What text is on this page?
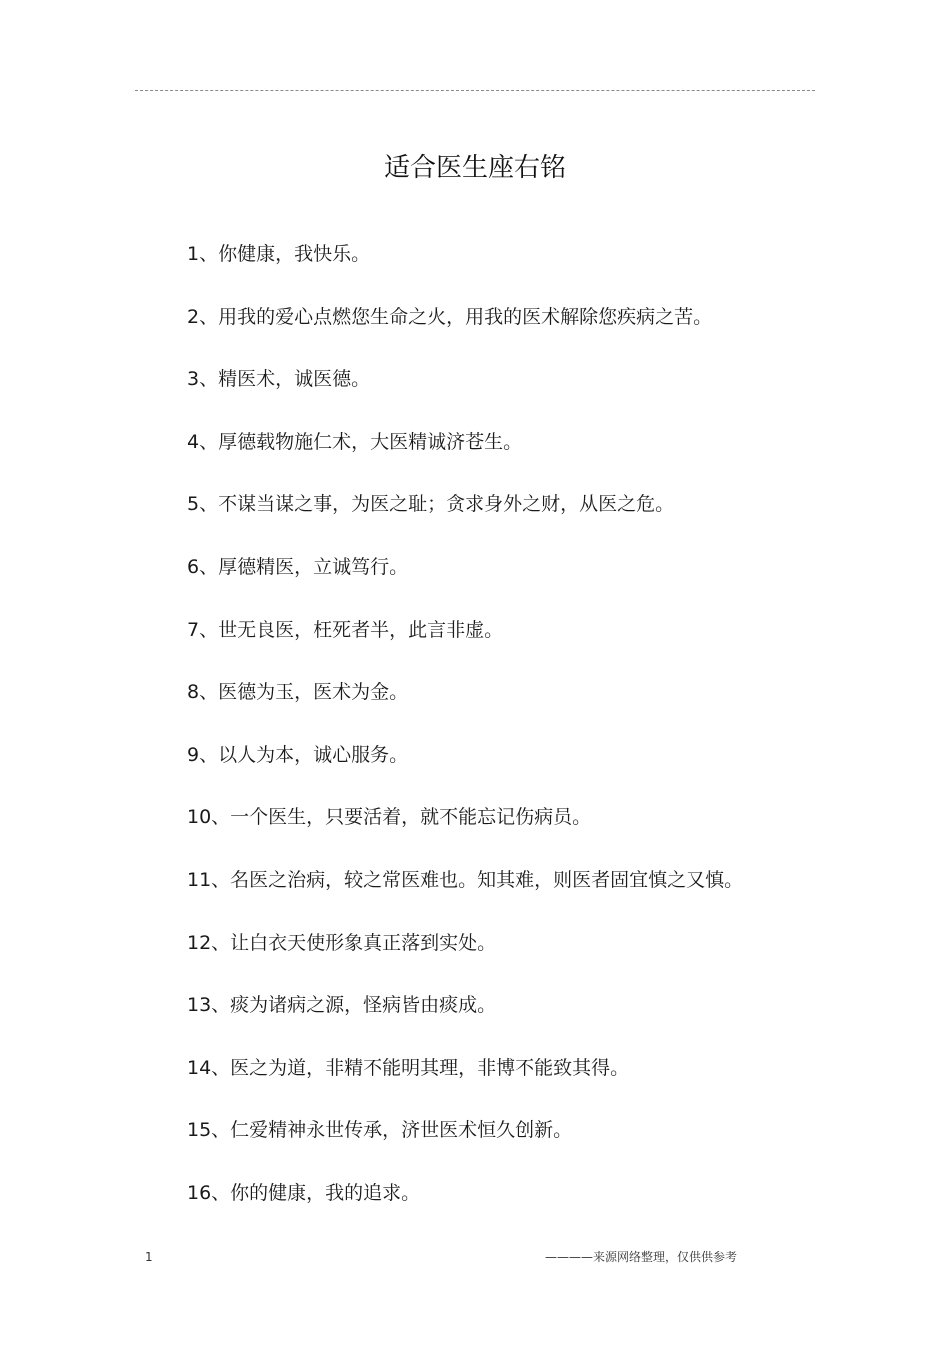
适合医生座右铭
1、你健康，我快乐。
2、用我的爱心点燃您生命之火，用我的医术解除您疾病之苦。
3、精医术，诚医德。
4、厚德载物施仁术，大医精诚济苍生。
5、不谋当谋之事，为医之耻；贪求身外之财，从医之危。
6、厚德精医，立诚笃行。
7、世无良医，枉死者半，此言非虚。
8、医德为玉，医术为金。
9、以人为本，诚心服务。
10、一个医生，只要活着，就不能忘记伤病员。
11、名医之治病，较之常医难也。知其难，则医者固宜慎之又慎。
12、让白衣天使形象真正落到实处。
13、痰为诸病之源，怪病皆由痰成。
14、医之为道，非精不能明其理，非博不能致其得。
15、仁爱精神永世传承，济世医术恒久创新。
16、你的健康，我的追求。
1	————来源网络整理，仅供供参考
